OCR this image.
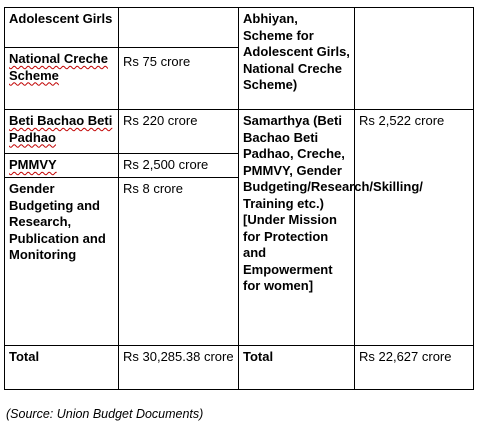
Adolescent Girls		Abhiyan, Scheme for Adolescent Girls, National Creche Scheme)	
National Creche Scheme	Rs 75 crore		
Beti Bachao Beti Padhao	Rs 220 crore	Samarthya (Beti Bachao Beti Padhao, Creche, PMMVY, Gender Budgeting/Research/Skilling/ Training etc.) [Under Mission for Protection and Empowerment for women]	Rs 2,522 crore
PMMVY	Rs 2,500 crore		
Gender Budgeting and Research, Publication and Monitoring	Rs 8 crore		
Total	Rs 30,285.38 crore	Total	Rs 22,627 crore
(Source: Union Budget Documents)
